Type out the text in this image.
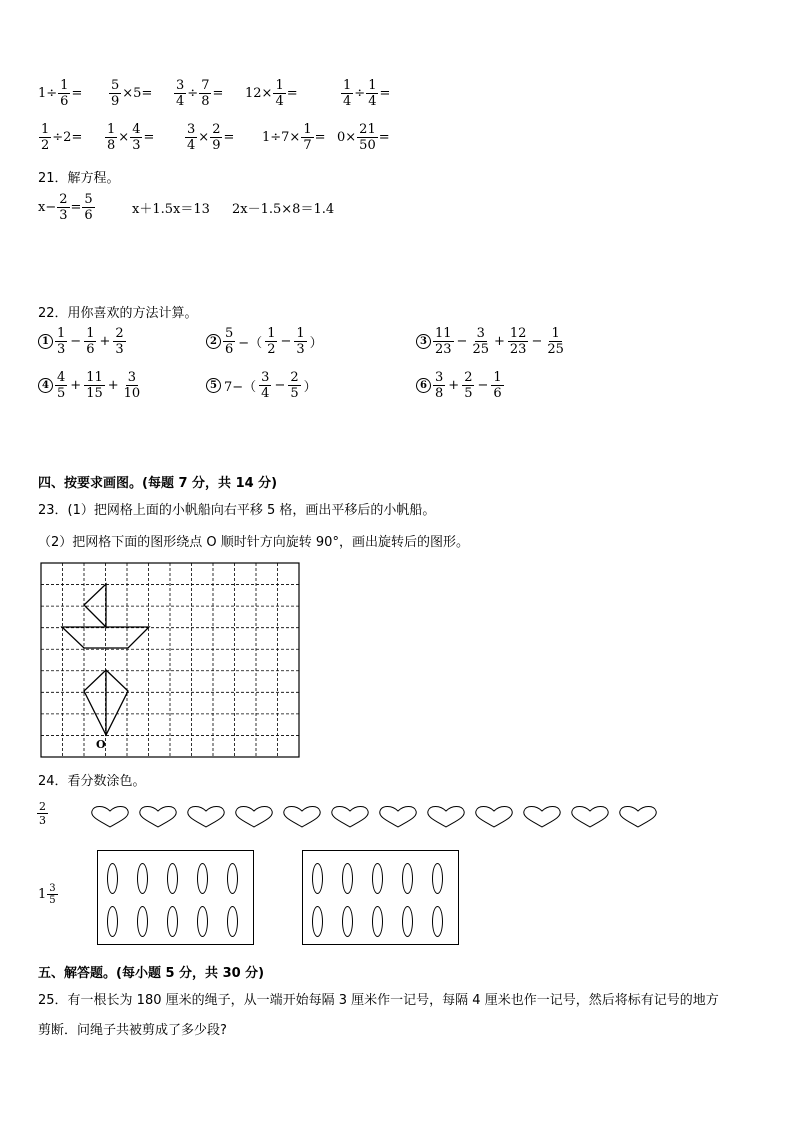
$1\div \frac{1}{6} = \frac{5}{9} \times 5= \frac{3}{4} \div \frac{7}{8} = 12\times \frac{1}{4}$ =	$\frac{1}{4} \div \frac{1}{4}$ =
$\frac{1}{2} \div 2= \frac{1}{8} \times \frac{4}{3} = \frac{3}{4} \times \frac{2}{9} = 1\div 7\times \frac{1}{7} = 0\times \frac{21}{50}$ =
21．解方程。
$x- \frac{2}{3} = \frac{5}{6}$	x＋1.5x＝13	2x－1.5×8＝1.4
22．用你喜欢的方法计算。
$1 \frac{1}{3} - \frac{1}{6} + \frac{2}{3}$	$2 \frac{5}{6}$ −（ $\frac{1}{2} - \frac{1}{3}$ ）	$3 \frac{11}{23} - \frac{3}{25} + \frac{12}{23} - \frac{1}{25}$
$4 \frac{4}{5} + \frac{11}{15} + \frac{3}{10}$	5 $7-( \frac{3}{4} - \frac{2}{5}$ ）	$6 \frac{3}{8} + \frac{2}{5} - \frac{1}{6}$
四、按要求画图。(每题 7 分，共 14 分)
23．(1）把网格上面的小帆船向右平移 5 格，画出平移后的小帆船。
（2）把网格下面的图形绕点 O 顺时针方向旋转 90°，画出旋转后的图形。
O
24．看分数涂色。
$\frac{2}{3}$
$1 \frac{3}{5}$
五、解答题。(每小题 5 分，共 30 分)
25．有一根长为 180 厘米的绳子，从一端开始每隔 3 厘米作一记号，每隔 4 厘米也作一记号，然后将标有记号的地方
剪断．问绳子共被剪成了多少段?
